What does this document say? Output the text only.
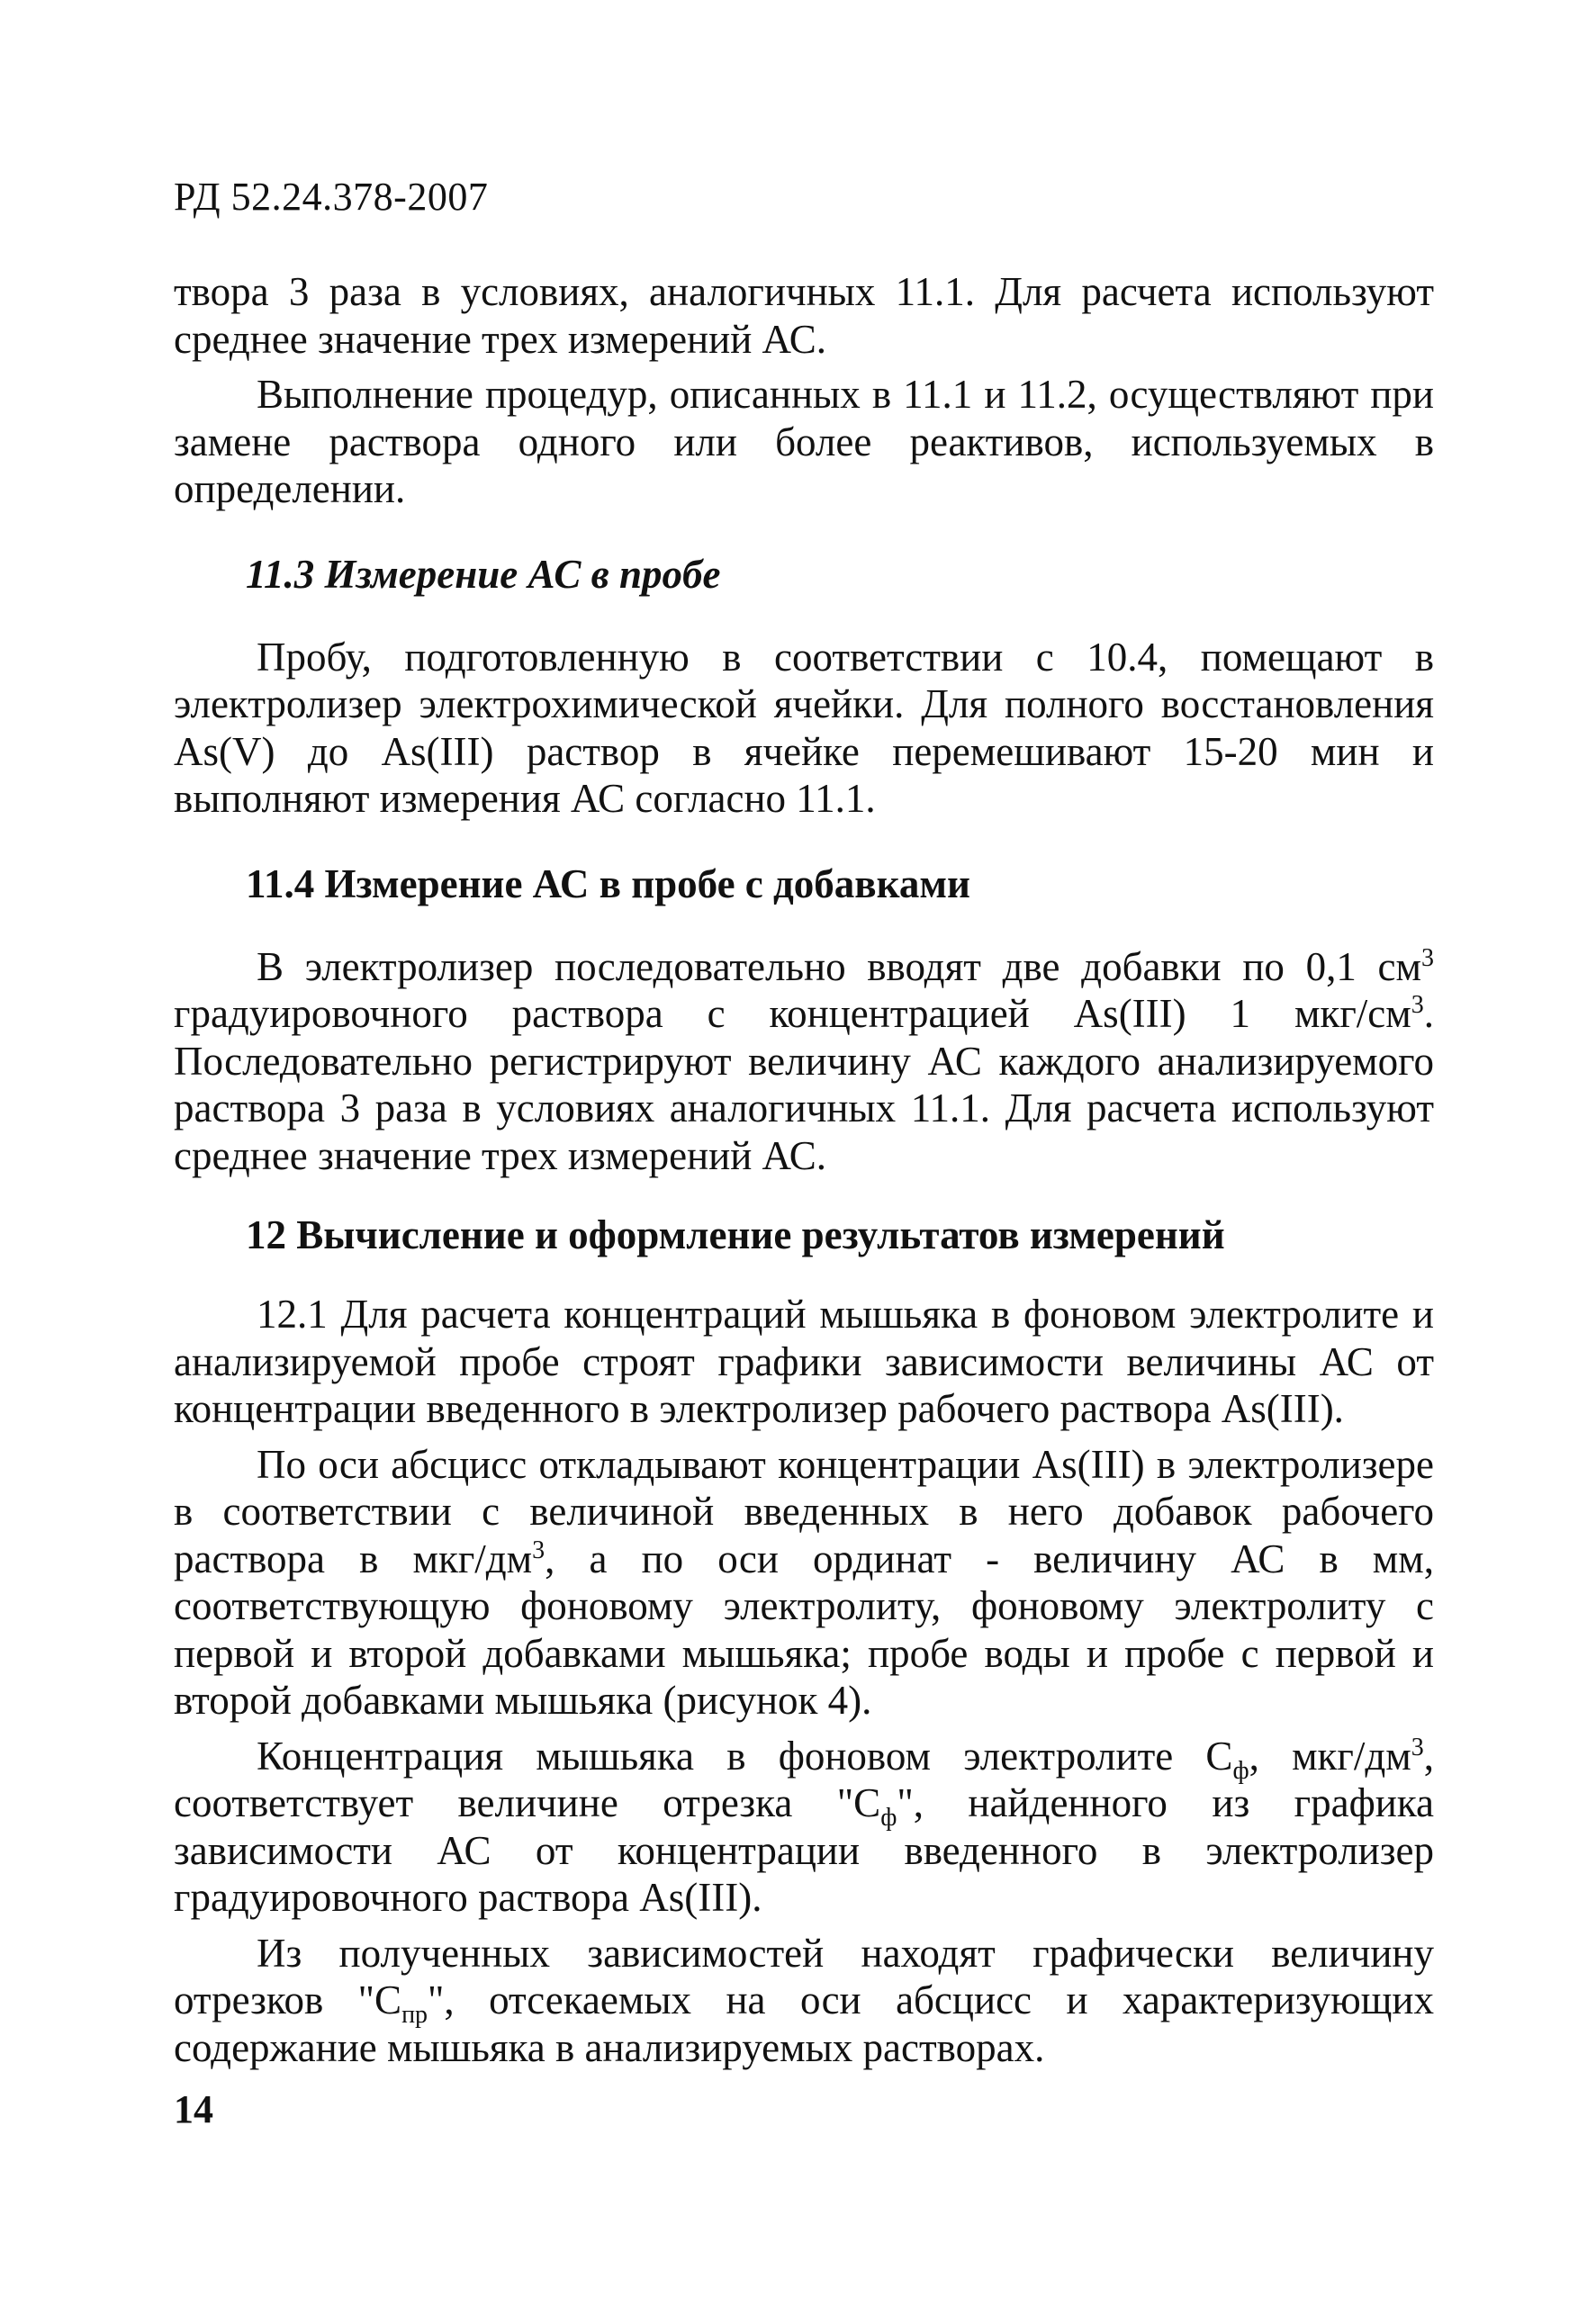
РД 52.24.378-2007

твора 3 раза в условиях, аналогичных 11.1. Для расчета используют среднее значение трех измерений АС.

Выполнение процедур, описанных в 11.1 и 11.2, осуществляют при замене раствора одного или более реактивов, используемых в определении.

11.3 Измерение АС в пробе

Пробу, подготовленную в соответствии с 10.4, помещают в электролизер электрохимической ячейки. Для полного восстановления As(V) до As(III) раствор в ячейке перемешивают 15-20 мин и выполняют измерения АС согласно 11.1.

11.4 Измерение АС в пробе с добавками

В электролизер последовательно вводят две добавки по 0,1 $см^3$ градуировочного раствора с концентрацией As(III) 1 мкг/$см^3$. Последовательно регистрируют величину АС каждого анализируемого раствора 3 раза в условиях аналогичных 11.1. Для расчета используют среднее значение трех измерений АС.

12 Вычисление и оформление результатов измерений

12.1 Для расчета концентраций мышьяка в фоновом электролите и анализируемой пробе строят графики зависимости величины АС от концентрации введенного в электролизер рабочего раствора As(III).

По оси абсцисс откладывают концентрации As(III) в электролизере в соответствии с величиной введенных в него добавок рабочего раствора в мкг/$дм^3$, а по оси ординат - величину АС в мм, соответствующую фоновому электролиту, фоновому электролиту с первой и второй добавками мышьяка; пробе воды и пробе с первой и второй добавками мышьяка (рисунок 4).

Концентрация мышьяка в фоновом электролите $С_ф$, мкг/$дм^3$, соответствует величине отрезка "$С_ф$", найденного из графика зависимости АС от концентрации введенного в электролизер градуировочного раствора As(III).

Из полученных зависимостей находят графически величину отрезков "$С_{пр}$", отсекаемых на оси абсцисс и характеризующих содержание мышьяка в анализируемых растворах.

14
